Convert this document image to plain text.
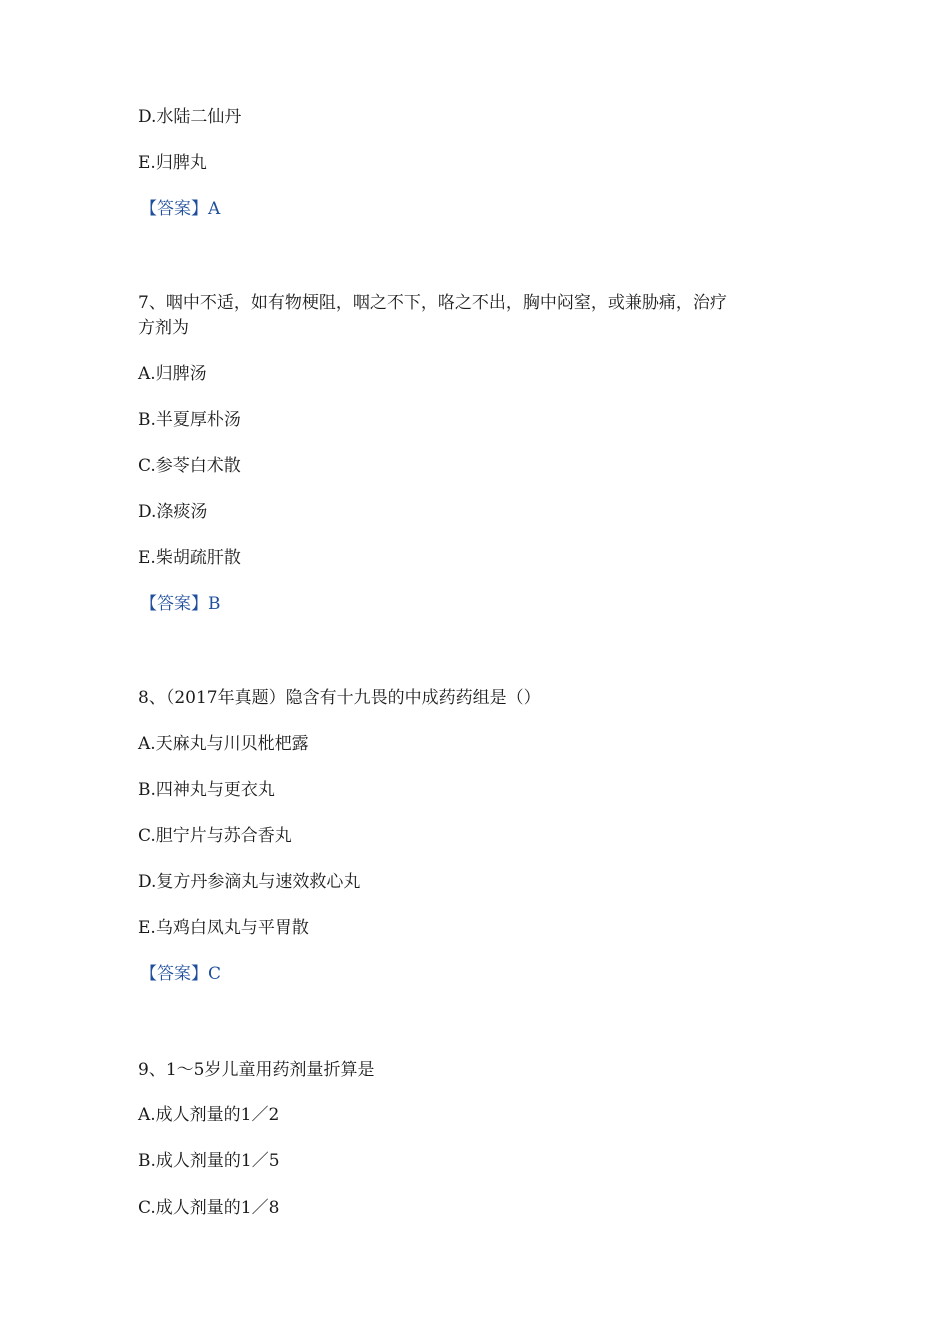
D.水陆二仙丹
E.归脾丸
【答案】A
7、咽中不适，如有物梗阻，咽之不下，咯之不出，胸中闷窒，或兼胁痛，治疗
方剂为
A.归脾汤
B.半夏厚朴汤
C.参苓白术散
D.涤痰汤
E.柴胡疏肝散
【答案】B
8、（2017年真题）隐含有十九畏的中成药药组是（）
A.天麻丸与川贝枇杷露
B.四神丸与更衣丸
C.胆宁片与苏合香丸
D.复方丹参滴丸与速效救心丸
E.乌鸡白凤丸与平胃散
【答案】C
9、1～5岁儿童用药剂量折算是
A.成人剂量的1／2
B.成人剂量的1／5
C.成人剂量的1／8
